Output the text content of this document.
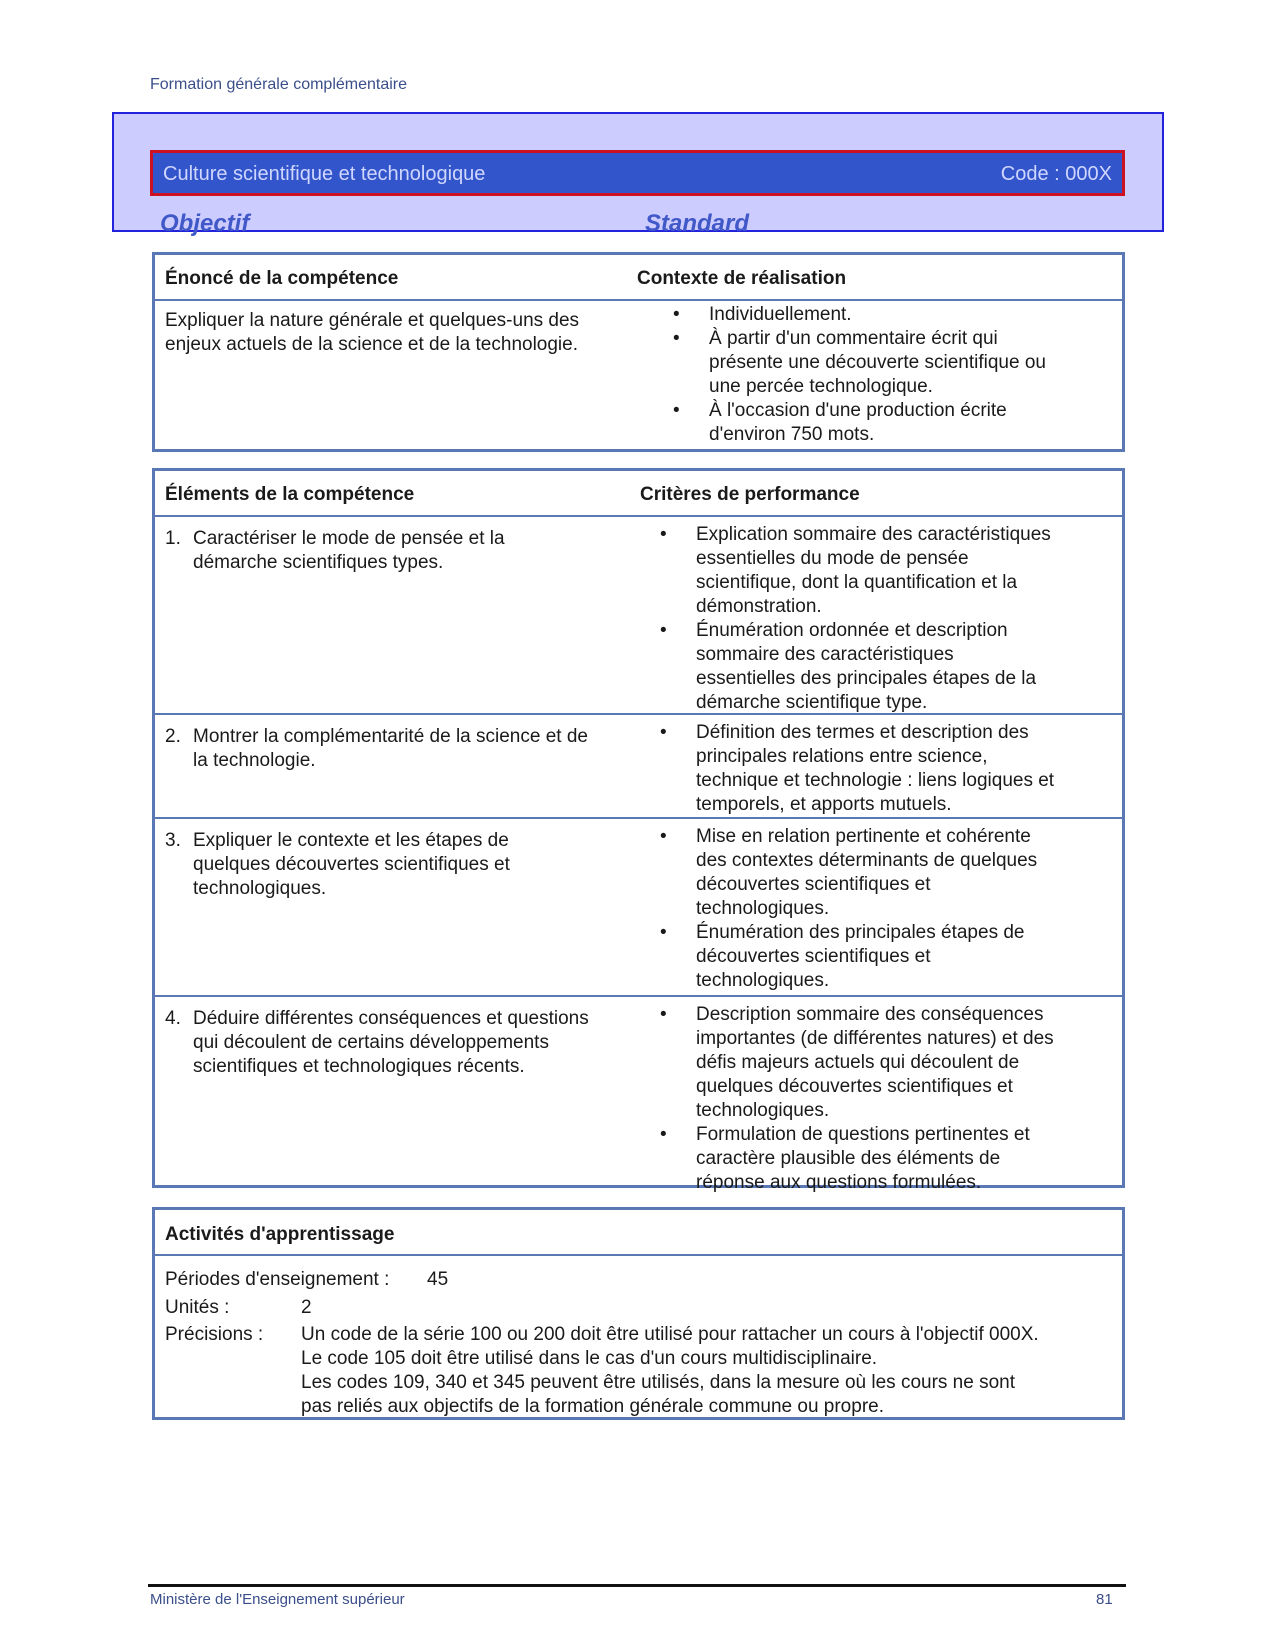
Formation générale complémentaire
Culture scientifique et technologique	Code : 000X
Objectif	Standard
Énoncé de la compétence	Contexte de réalisation
Expliquer la nature générale et quelques-uns des
enjeux actuels de la science et de la technologie.
• Individuellement.
• À partir d'un commentaire écrit qui
présente une découverte scientifique ou
une percée technologique.
• À l'occasion d'une production écrite
d'environ 750 mots.
Éléments de la compétence	Critères de performance
1. Caractériser le mode de pensée et la
démarche scientifiques types.
• Explication sommaire des caractéristiques
essentielles du mode de pensée
scientifique, dont la quantification et la
démonstration.
• Énumération ordonnée et description
sommaire des caractéristiques
essentielles des principales étapes de la
démarche scientifique type.
2. Montrer la complémentarité de la science et de
la technologie.
• Définition des termes et description des
principales relations entre science,
technique et technologie : liens logiques et
temporels, et apports mutuels.
3. Expliquer le contexte et les étapes de
quelques découvertes scientifiques et
technologiques.
• Mise en relation pertinente et cohérente
des contextes déterminants de quelques
découvertes scientifiques et
technologiques.
• Énumération des principales étapes de
découvertes scientifiques et
technologiques.
4. Déduire différentes conséquences et questions
qui découlent de certains développements
scientifiques et technologiques récents.
• Description sommaire des conséquences
importantes (de différentes natures) et des
défis majeurs actuels qui découlent de
quelques découvertes scientifiques et
technologiques.
• Formulation de questions pertinentes et
caractère plausible des éléments de
réponse aux questions formulées.
Activités d'apprentissage
Périodes d'enseignement : 45
Unités :	2
Précisions : Un code de la série 100 ou 200 doit être utilisé pour rattacher un cours à l'objectif 000X.
Le code 105 doit être utilisé dans le cas d'un cours multidisciplinaire.
Les codes 109, 340 et 345 peuvent être utilisés, dans la mesure où les cours ne sont
pas reliés aux objectifs de la formation générale commune ou propre.
Ministère de l'Enseignement supérieur	81
